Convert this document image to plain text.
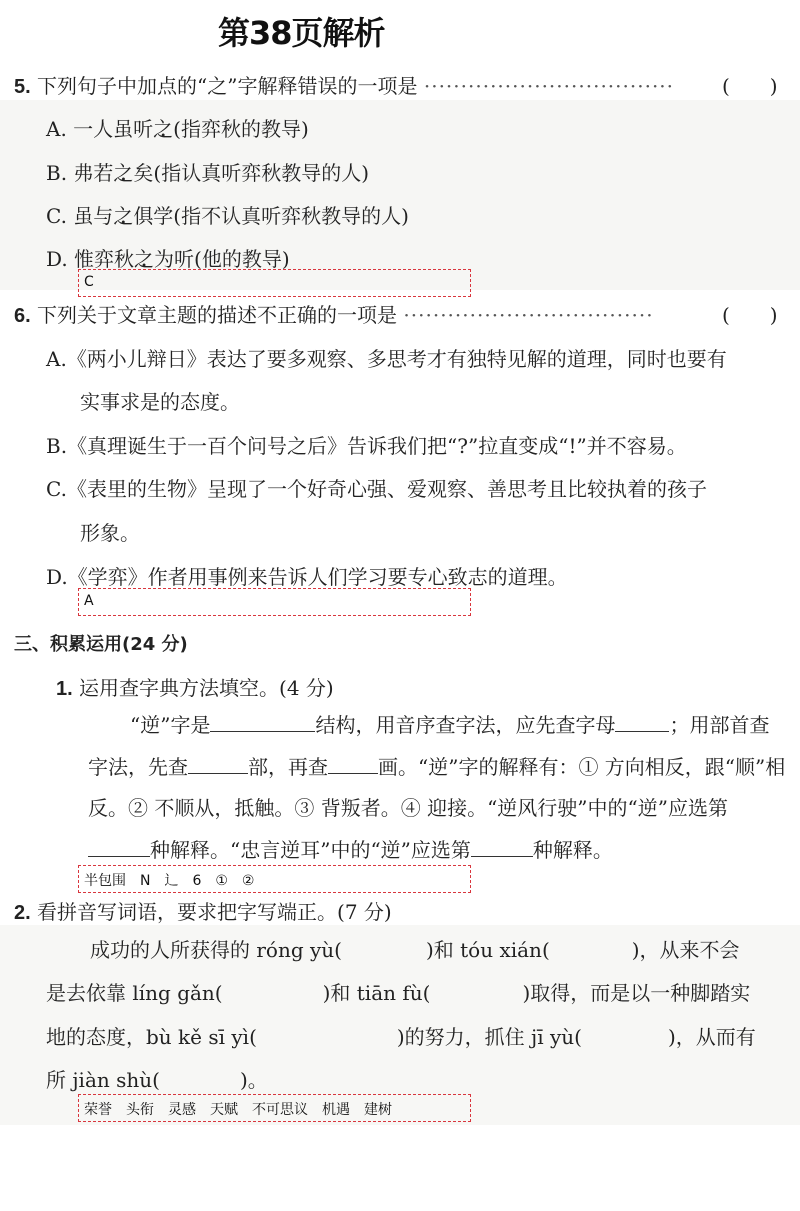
第38页解析
5. 下列句子中加点的“之”字解释错误的一项是 ·································· (　　)
A. 一人虽听之(指弈秋的教导)
B. 弗若之矣(指认真听弈秋教导的人)
C. 虽与之俱学(指不认真听弈秋教导的人)
D. 惟弈秋之为听(他的教导)
C
6. 下列关于文章主题的描述不正确的一项是 ··································	(　　)
A.《两小儿辩日》表达了要多观察、多思考才有独特见解的道理，同时也要有
实事求是的态度。
B.《真理诞生于一百个问号之后》告诉我们把“?”拉直变成“!”并不容易。
C.《表里的生物》呈现了一个好奇心强、爱观察、善思考且比较执着的孩子
形象。
D.《学弈》作者用事例来告诉人们学习要专心致志的道理。
A
三、积累运用(24 分)
1. 运用查字典方法填空。(4 分)
“逆”字是	结构，用音序查字法，应先查字母	；用部首查
字法，先查	部，再查	画。“逆”字的解释有：① 方向相反，跟“顺”相
反。② 不顺从，抵触。③ 背叛者。④ 迎接。“逆风行驶”中的“逆”应选第
种解释。“忠言逆耳”中的“逆”应选第	种解释。
半包围　N　辶　6　①　②
2. 看拼音写词语，要求把字写端正。(7 分)
成功的人所获得的 róng yù(	)和 tóu xián(	)，从来不会
是去依靠 líng gǎn(	)和 tiān fù(	)取得，而是以一种脚踏实
地的态度，bù kě sī yì(	)的努力，抓住 jī yù(	)，从而有
所 jiàn shù(　　　　)。
荣誉　头衔　灵感　天赋　不可思议　机遇　建树
